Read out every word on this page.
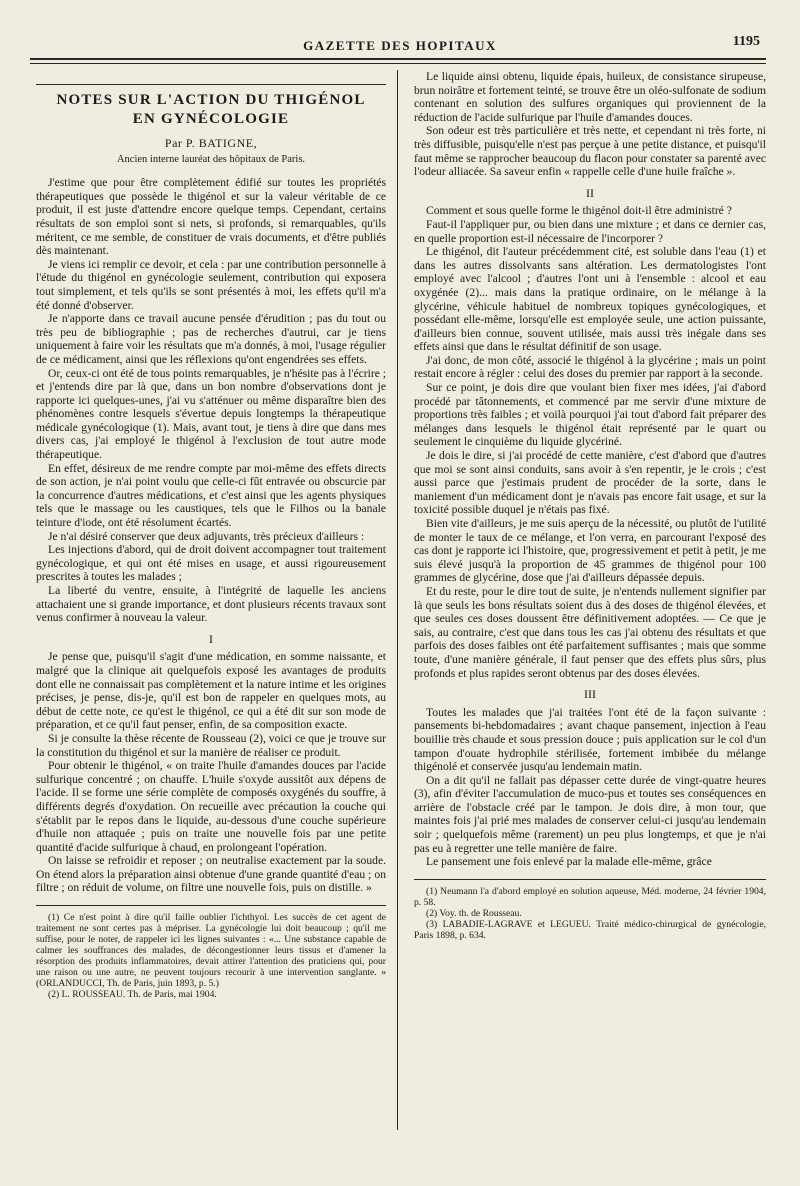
GAZETTE DES HOPITAUX	1195
NOTES SUR L'ACTION DU THIGÉNOL
EN GYNÉCOLOGIE
Par P. BATIGNE,
Ancien interne lauréat des hôpitaux de Paris.

J'estime que pour être complètement édifié sur toutes les propriétés thérapeutiques que possède le thigénol et sur la valeur véritable de ce produit, il est juste d'attendre encore quelque temps. Cependant, certains résultats de son emploi sont si nets, si profonds, si remarquables, qu'ils méritent, ce me semble, de constituer de vrais documents, et d'être publiés dès maintenant.

Je viens ici remplir ce devoir, et cela : par une contribution personnelle à l'étude du thigénol en gynécologie seulement, contribution qui exposera tout simplement, et tels qu'ils se sont présentés à moi, les effets qu'il m'a été donné d'observer.

Je n'apporte dans ce travail aucune pensée d'érudition ; pas du tout ou très peu de bibliographie ; pas de recherches d'autrui, car je tiens uniquement à faire voir les résultats que m'a donnés, à moi, l'usage régulier de ce médicament, ainsi que les réflexions qu'ont engendrées ses effets.

Or, ceux-ci ont été de tous points remarquables, je n'hésite pas à l'écrire ; et j'entends dire par là que, dans un bon nombre d'observations dont je rapporte ici quelques-unes, j'ai vu s'atténuer ou même disparaître bien des phénomènes contre lesquels s'évertue depuis longtemps la thérapeutique médicale gynécologique (1). Mais, avant tout, je tiens à dire que dans mes divers cas, j'ai employé le thigénol à l'exclusion de tout autre mode thérapeutique.

En effet, désireux de me rendre compte par moi-même des effets directs de son action, je n'ai point voulu que celle-ci fût entravée ou obscurcie par la concurrence d'autres médications, et c'est ainsi que les agents physiques tels que le massage ou les caustiques, tels que le Filhos ou la banale teinture d'iode, ont été résolument écartés.

Je n'ai désiré conserver que deux adjuvants, très précieux d'ailleurs :

Les injections d'abord, qui de droit doivent accompagner tout traitement gynécologique, et qui ont été mises en usage, et aussi rigoureusement prescrites à toutes les malades ;

La liberté du ventre, ensuite, à l'intégrité de laquelle les anciens attachaient une si grande importance, et dont plusieurs récents travaux sont venus confirmer à nouveau la valeur.

I

Je pense que, puisqu'il s'agit d'une médication, en somme naissante, et malgré que la clinique ait quelquefois exposé les avantages de produits dont elle ne connaissait pas complètement et la nature intime et les origines précises, je pense, dis-je, qu'il est bon de rappeler en quelques mots, au début de cette note, ce qu'est le thigénol, ce qui a été dit sur son mode de préparation, et ce qu'il faut penser, enfin, de sa composition exacte.

Si je consulte la thèse récente de Rousseau (2), voici ce que je trouve sur la constitution du thigénol et sur la manière de réaliser ce produit.

Pour obtenir le thigénol, « on traite l'huile d'amandes douces par l'acide sulfurique concentré ; on chauffe. L'huile s'oxyde aussitôt aux dépens de l'acide. Il se forme une série complète de composés oxygénés du souffre, à différents degrés d'oxydation. On recueille avec précaution la couche qui s'établit par le repos dans le liquide, au-dessous d'une couche supérieure d'huile non attaquée ; puis on traite une nouvelle fois par une petite quantité d'acide sulfurique à chaud, en prolongeant l'opération.

On laisse se refroidir et reposer ; on neutralise exactement par la soude. On étend alors la préparation ainsi obtenue d'une grande quantité d'eau ; on filtre ; on réduit de volume, on filtre une nouvelle fois, puis on distille. »

(1) Ce n'est point à dire qu'il faille oublier l'ichthyol. Les succès de cet agent de traitement ne sont certes pas à mépriser. La gynécologie lui doit beaucoup ; qu'il me suffise, pour le noter, de rappeler ici les lignes suivantes : «... Une substance capable de calmer les souffrances des malades, de décongestionner leurs tissus et d'amener la résorption des produits inflammatoires, devait attirer l'attention des praticiens qui, pour une raison ou une autre, ne peuvent toujours recourir à une intervention sanglante. » (ORLANDUCCI, Th. de Paris, juin 1893, p. 5.)

(2) L. ROUSSEAU. Th. de Paris, mai 1904.

Le liquide ainsi obtenu, liquide épais, huileux, de consistance sirupeuse, brun noirâtre et fortement teinté, se trouve être un oléo-sulfonate de sodium contenant en solution des sulfures organiques qui proviennent de la réduction de l'acide sulfurique par l'huile d'amandes douces.

Son odeur est très particulière et très nette, et cependant ni très forte, ni très diffusible, puisqu'elle n'est pas perçue à une petite distance, et puisqu'il faut même se rapprocher beaucoup du flacon pour constater sa parenté avec l'odeur alliacée. Sa saveur enfin « rappelle celle d'une huile fraîche ».

II

Comment et sous quelle forme le thigénol doit-il être administré ?

Faut-il l'appliquer pur, ou bien dans une mixture ; et dans ce dernier cas, en quelle proportion est-il nécessaire de l'incorporer ?

Le thigénol, dit l'auteur précédemment cité, est soluble dans l'eau (1) et dans les autres dissolvants sans altération. Les dermatologistes l'ont employé avec l'alcool ; d'autres l'ont uni à l'ensemble : alcool et eau oxygénée (2)... mais dans la pratique ordinaire, on le mélange à la glycérine, véhicule habituel de nombreux topiques gynécologiques, et possédant elle-même, lorsqu'elle est employée seule, une action puissante, d'ailleurs bien connue, souvent utilisée, mais aussi très inégale dans ses effets ainsi que dans le résultat définitif de son usage.

J'ai donc, de mon côté, associé le thigénol à la glycérine ; mais un point restait encore à régler : celui des doses du premier par rapport à la seconde.

Sur ce point, je dois dire que voulant bien fixer mes idées, j'ai d'abord procédé par tâtonnements, et commencé par me servir d'une mixture de proportions très faibles ; et voilà pourquoi j'ai tout d'abord fait préparer des mélanges dans lesquels le thigénol était représenté par le quart ou seulement le cinquième du liquide glycériné.

Je dois le dire, si j'ai procédé de cette manière, c'est d'abord que d'autres que moi se sont ainsi conduits, sans avoir à s'en repentir, je le crois ; c'est aussi parce que j'estimais prudent de procéder de la sorte, dans le maniement d'un médicament dont je n'avais pas encore fait usage, et sur la toxicité possible duquel je n'étais pas fixé.

Bien vite d'ailleurs, je me suis aperçu de la nécessité, ou plutôt de l'utilité de monter le taux de ce mélange, et l'on verra, en parcourant l'exposé des cas dont je rapporte ici l'histoire, que, progressivement et petit à petit, je me suis élevé jusqu'à la proportion de 45 grammes de thigénol pour 100 grammes de glycérine, dose que j'ai d'ailleurs dépassée depuis.

Et du reste, pour le dire tout de suite, je n'entends nullement signifier par là que seuls les bons résultats soient dus à des doses de thigénol élevées, et que seules ces doses doussent être définitivement adoptées. — Ce que je sais, au contraire, c'est que dans tous les cas j'ai obtenu des résultats et que parfois des doses faibles ont été parfaitement suffisantes ; mais que somme toute, d'une manière générale, il faut penser que des effets plus sûrs, plus profonds et plus rapides seront obtenus par des doses élevées.

III

Toutes les malades que j'ai traitées l'ont été de la façon suivante : pansements bi-hebdomadaires ; avant chaque pansement, injection à l'eau bouillie très chaude et sous pression douce ; puis application sur le col d'un tampon d'ouate hydrophile stérilisée, fortement imbibée du mélange thigénolé et conservée jusqu'au lendemain matin.

On a dit qu'il ne fallait pas dépasser cette durée de vingt-quatre heures (3), afin d'éviter l'accumulation de muco-pus et toutes ses conséquences en arrière de l'obstacle créé par le tampon. Je dois dire, à mon tour, que maintes fois j'ai prié mes malades de conserver celui-ci jusqu'au lendemain soir ; quelquefois même (rarement) un peu plus longtemps, et que je n'ai pas eu à regretter une telle manière de faire.

Le pansement une fois enlevé par la malade elle-même, grâce

(1) Neumann l'a d'abord employé en solution aqueuse, Méd. moderne, 24 février 1904, p. 58.

(2) Voy. th. de Rousseau.

(3) LABADIE-LAGRAVE et LEGUEU. Traité médico-chirurgical de gynécologie, Paris 1898, p. 634.
